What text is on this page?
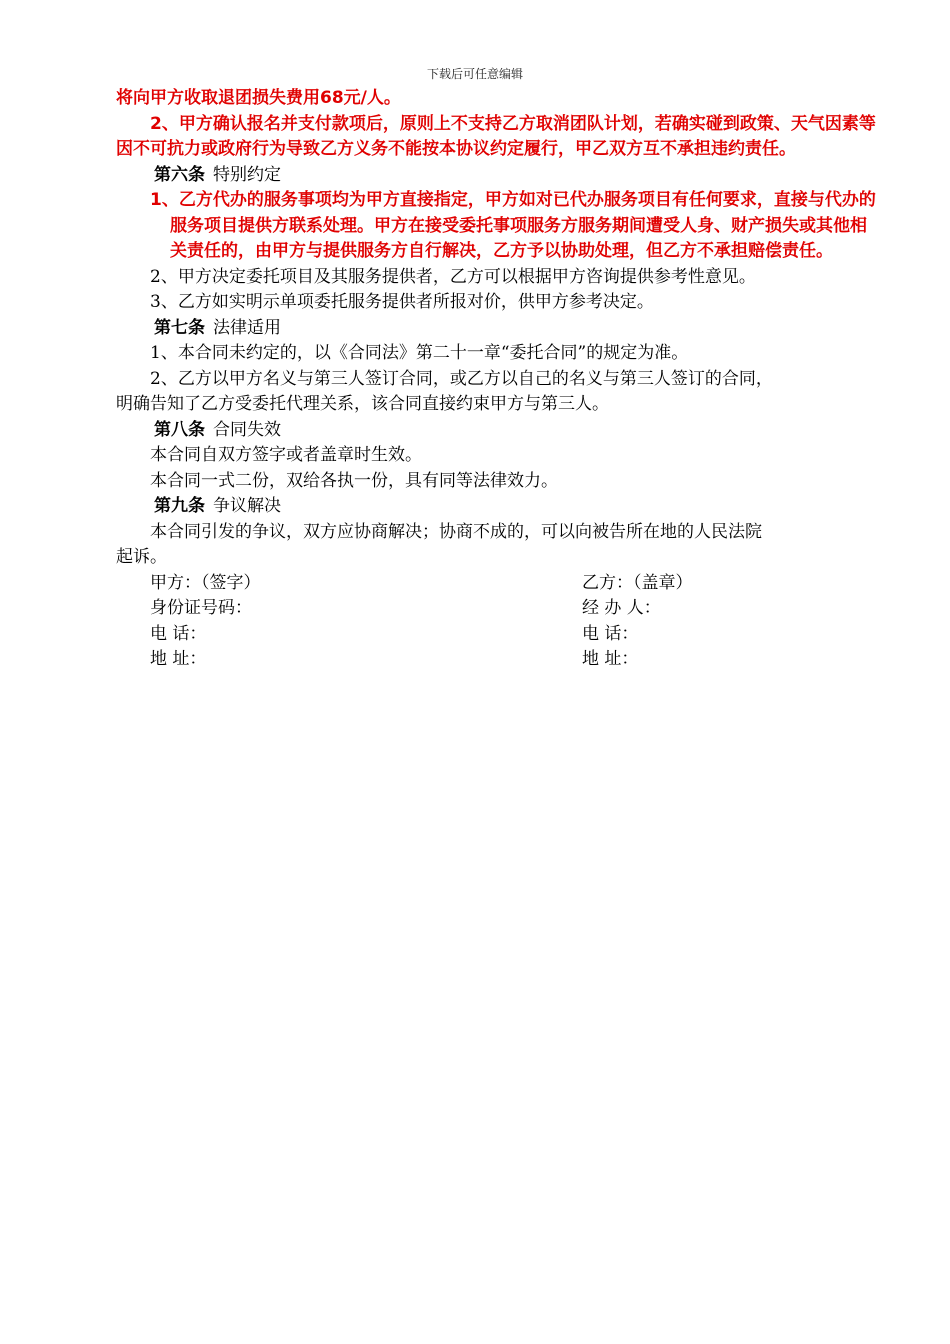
下载后可任意编辑

将向甲方收取退团损失费用68元/人。

2、甲方确认报名并支付款项后，原则上不支持乙方取消团队计划，若确实碰到政策、天气因素等因不可抗力或政府行为导致乙方义务不能按本协议约定履行，甲乙双方互不承担违约责任。

第六条 特别约定

1、乙方代办的服务事项均为甲方直接指定，甲方如对已代办服务项目有任何要求，直接与代办的服务项目提供方联系处理。甲方在接受委托事项服务方服务期间遭受人身、财产损失或其他相关责任的，由甲方与提供服务方自行解决，乙方予以协助处理，但乙方不承担赔偿责任。

2、甲方决定委托项目及其服务提供者，乙方可以根据甲方咨询提供参考性意见。

3、乙方如实明示单项委托服务提供者所报对价，供甲方参考决定。

第七条 法律适用

1、本合同未约定的，以《合同法》第二十一章“委托合同”的规定为准。

2、乙方以甲方名义与第三人签订合同，或乙方以自己的名义与第三人签订的合同，

明确告知了乙方受委托代理关系，该合同直接约束甲方与第三人。

第八条 合同失效

本合同自双方签字或者盖章时生效。

本合同一式二份，双给各执一份，具有同等法律效力。

第九条 争议解决

本合同引发的争议，双方应协商解决；协商不成的，可以向被告所在地的人民法院

起诉。

甲方：（签字）	乙方：（盖章）
身份证号码：	经 办 人：
电 话：	电 话：
地 址：	地 址：
